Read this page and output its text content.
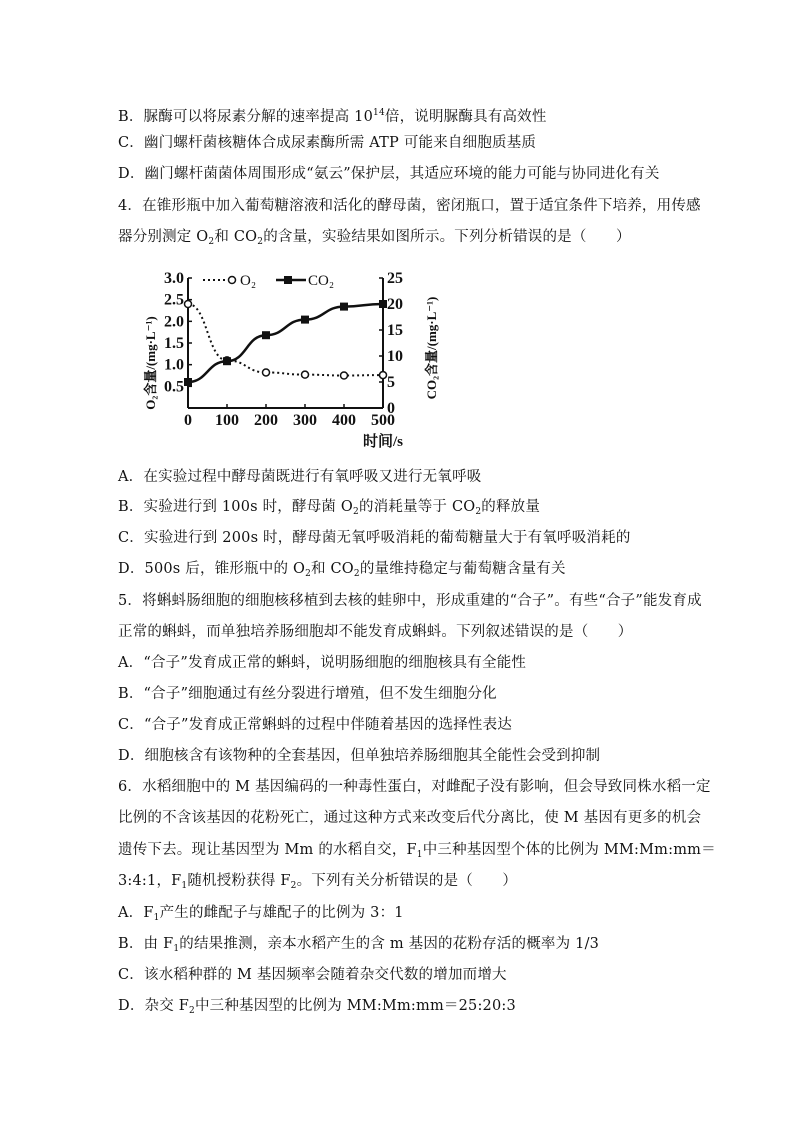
B．脲酶可以将尿素分解的速率提高 $10^{14}$倍，说明脲酶具有高效性
C．幽门螺杆菌核糖体合成尿素酶所需 ATP 可能来自细胞质基质
D．幽门螺杆菌菌体周围形成“氨云”保护层，其适应环境的能力可能与协同进化有关
4．在锥形瓶中加入葡萄糖溶液和活化的酵母菌，密闭瓶口，置于适宜条件下培养，用传感
器分别测定 $O_2$和 $CO_2$的含量，实验结果如图所示。下列分析错误的是（　　）
0 100 200 300 400 500
0.5
1.0
1.5
2.0
2.5
3.0
0
5
10
15
20
25
O₂	CO₂
时间/s
O₂含量/(mg·L⁻¹)	CO₂含量/(mg·L⁻¹)
A．在实验过程中酵母菌既进行有氧呼吸又进行无氧呼吸
B．实验进行到 100s 时，酵母菌 $O_2$的消耗量等于 $CO_2$的释放量
C．实验进行到 200s 时，酵母菌无氧呼吸消耗的葡萄糖量大于有氧呼吸消耗的
D．500s 后，锥形瓶中的 $O_2$和 $CO_2$的量维持稳定与葡萄糖含量有关
5．将蝌蚪肠细胞的细胞核移植到去核的蛙卵中，形成重建的“合子”。有些“合子”能发育成
正常的蝌蚪，而单独培养肠细胞却不能发育成蝌蚪。下列叙述错误的是（　　）
A．“合子”发育成正常的蝌蚪，说明肠细胞的细胞核具有全能性
B．“合子”细胞通过有丝分裂进行增殖，但不发生细胞分化
C．“合子”发育成正常蝌蚪的过程中伴随着基因的选择性表达
D．细胞核含有该物种的全套基因，但单独培养肠细胞其全能性会受到抑制
6．水稻细胞中的 M 基因编码的一种毒性蛋白，对雌配子没有影响，但会导致同株水稻一定
比例的不含该基因的花粉死亡，通过这种方式来改变后代分离比，使 M 基因有更多的机会
遗传下去。现让基因型为 Mm 的水稻自交，$F_1$中三种基因型个体的比例为 MM:Mm:mm＝
3:4:1，$F_1$随机授粉获得 $F_2$。下列有关分析错误的是（　　）
A．$F_1$产生的雌配子与雄配子的比例为 3：1
B．由 $F_1$的结果推测，亲本水稻产生的含 m 基因的花粉存活的概率为 1/3
C．该水稻种群的 M 基因频率会随着杂交代数的增加而增大
D．杂交 $F_2$中三种基因型的比例为 MM:Mm:mm＝25:20:3
